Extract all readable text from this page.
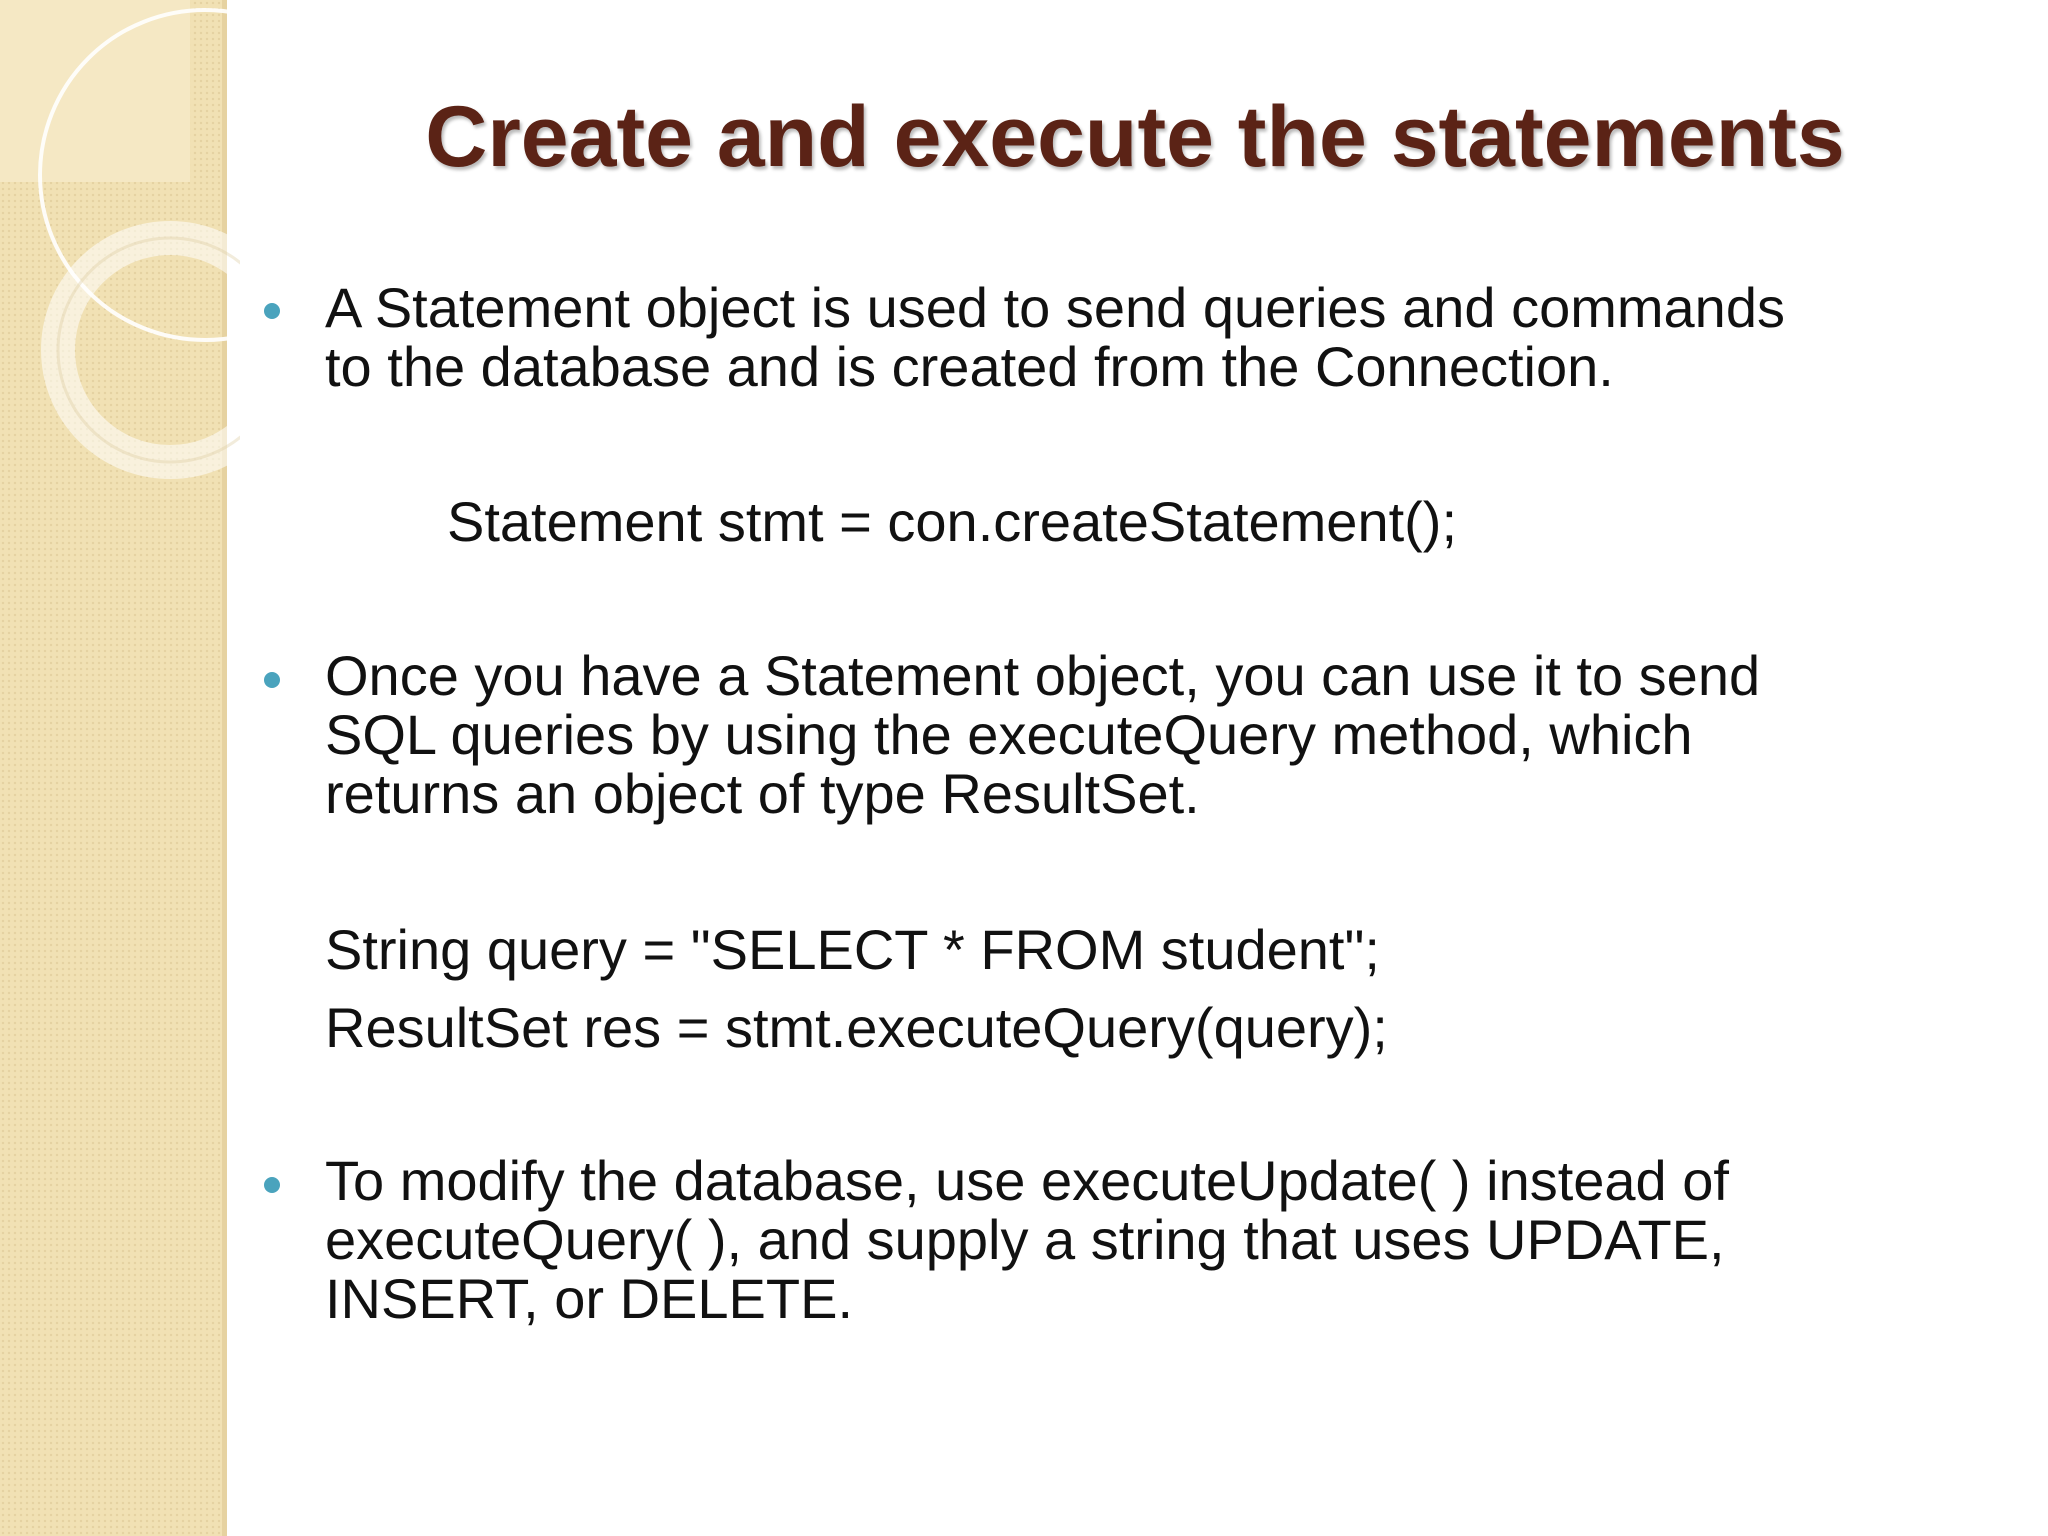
Create and execute the statements
A Statement object is used to send queries and commands
to the database and is created from the Connection.
Statement stmt = con.createStatement();
Once you have a Statement object, you can use it to send
SQL queries by using the executeQuery method, which
returns an object of type ResultSet.
String query = "SELECT * FROM student";
ResultSet res = stmt.executeQuery(query);
To modify the database, use executeUpdate( ) instead of
executeQuery( ), and supply a string that uses UPDATE,
INSERT, or DELETE.
